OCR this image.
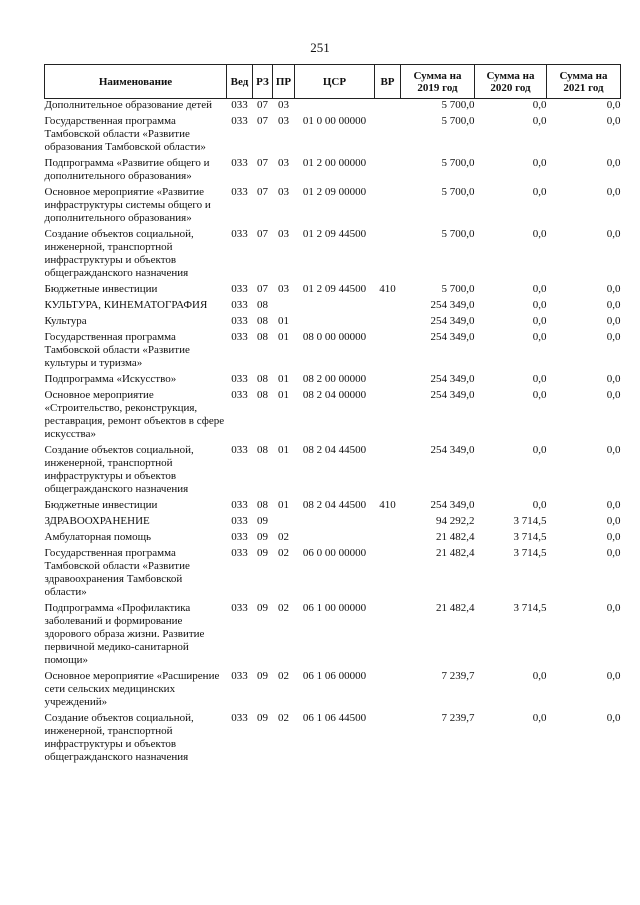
251
Наименование	Вед	РЗ	ПР	ЦСР	ВР	Сумма на 2019 год	Сумма на 2020 год	Сумма на 2021 год
Дополнительное образование детей	033	07	03			5 700,0	0,0	0,0

Государственная программа Тамбовской области «Развитие образования Тамбовской области»	033	07	03	01 0 00 00000		5 700,0	0,0	0,0

Подпрограмма «Развитие общего и дополнительного образования»	033	07	03	01 2 00 00000		5 700,0	0,0	0,0

Основное мероприятие «Развитие инфраструктуры системы общего и дополнительного образования»	033	07	03	01 2 09 00000		5 700,0	0,0	0,0

Создание объектов социальной, инженерной, транспортной инфраструктуры и объектов общегражданского назначения	033	07	03	01 2 09 44500		5 700,0	0,0	0,0

Бюджетные инвестиции	033	07	03	01 2 09 44500	410	5 700,0	0,0	0,0

КУЛЬТУРА, КИНЕМАТОГРАФИЯ	033	08				254 349,0	0,0	0,0

Культура	033	08	01			254 349,0	0,0	0,0

Государственная программа Тамбовской области «Развитие культуры и туризма»	033	08	01	08 0 00 00000		254 349,0	0,0	0,0

Подпрограмма «Искусство»	033	08	01	08 2 00 00000		254 349,0	0,0	0,0

Основное мероприятие «Строительство, реконструкция, реставрация, ремонт объектов в сфере искусства»	033	08	01	08 2 04 00000		254 349,0	0,0	0,0

Создание объектов социальной, инженерной, транспортной инфраструктуры и объектов общегражданского назначения	033	08	01	08 2 04 44500		254 349,0	0,0	0,0

Бюджетные инвестиции	033	08	01	08 2 04 44500	410	254 349,0	0,0	0,0

ЗДРАВООХРАНЕНИЕ	033	09				94 292,2	3 714,5	0,0

Амбулаторная помощь	033	09	02			21 482,4	3 714,5	0,0

Государственная программа Тамбовской области «Развитие здравоохранения Тамбовской области»	033	09	02	06 0 00 00000		21 482,4	3 714,5	0,0

Подпрограмма «Профилактика заболеваний и формирование здорового образа жизни. Развитие первичной медико-санитарной помощи»	033	09	02	06 1 00 00000		21 482,4	3 714,5	0,0

Основное мероприятие «Расширение сети сельских медицинских учреждений»	033	09	02	06 1 06 00000		7 239,7	0,0	0,0

Создание объектов социальной, инженерной, транспортной инфраструктуры и объектов общегражданского назначения	033	09	02	06 1 06 44500		7 239,7	0,0	0,0
